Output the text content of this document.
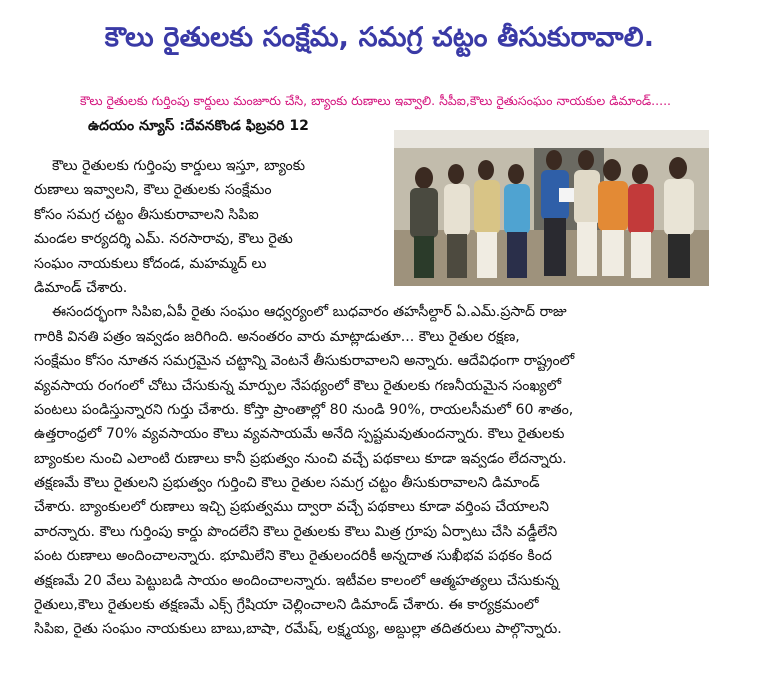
కౌలు రైతులకు సంక్షేమ, సమగ్ర చట్టం తీసుకురావాలి.
కౌలు రైతులకు గుర్తింపు కార్డులు మంజూరు చేసి, బ్యాంకు రుణాలు ఇవ్వాలి. సీపీఐ,కౌలు రైతుసంఘం నాయకుల డిమాండ్.....
ఉదయం న్యూస్ :దేవనకొండ ఫిబ్రవరి 12
కౌలు రైతులకు గుర్తింపు కార్డులు ఇస్తూ, బ్యాంకు
రుణాలు ఇవ్వాలని, కౌలు రైతులకు సంక్షేమం
కోసం సమగ్ర చట్టం తీసుకురావాలని సిపిఐ
మండల కార్యదర్శి ఎమ్. నరసారావు, కౌలు రైతు
సంఘం నాయకులు కోదండ, మహమ్మద్ లు
డిమాండ్ చేశారు.
ఈసందర్భంగా సిపిఐ,ఏపీ రైతు సంఘం ఆధ్వర్యంలో బుధవారం తహసీల్దార్ ఏ.ఎమ్.ప్రసాద్ రాజు
గారికి వినతి పత్రం ఇవ్వడం జరిగింది. అనంతరం వారు మాట్లాడుతూ... కౌలు రైతుల రక్షణ,
సంక్షేమం కోసం నూతన సమగ్రమైన చట్టాన్ని వెంటనే తీసుకురావాలని అన్నారు. ఆదేవిధంగా రాష్ట్రంలో
వ్యవసాయ రంగంలో చోటు చేసుకున్న మార్పుల నేపథ్యంలో కౌలు రైతులకు గణనీయమైన సంఖ్యలో
పంటలు పండిస్తున్నారని గుర్తు చేశారు. కోస్తా ప్రాంతాల్లో 80 నుండి 90%, రాయలసీమలో 60 శాతం,
ఉత్తరాంధ్రలో 70% వ్యవసాయం కౌలు వ్యవసాయమే అనేది స్పష్టమవుతుందన్నారు. కౌలు రైతులకు
బ్యాంకుల నుంచి ఎలాంటి రుణాలు కానీ ప్రభుత్వం నుంచి వచ్చే పథకాలు కూడా ఇవ్వడం లేదన్నారు.
తక్షణమే కౌలు రైతులని ప్రభుత్వం గుర్తించి కౌలు రైతుల సమగ్ర చట్టం తీసుకురావాలని డిమాండ్
చేశారు. బ్యాంకులలో రుణాలు ఇచ్చి ప్రభుత్వము ద్వారా వచ్చే పథకాలు కూడా వర్తింప చేయాలని
వారన్నారు. కౌలు గుర్తింపు కార్డు పొందలేని కౌలు రైతులకు కౌలు మిత్ర గ్రూపు ఏర్పాటు చేసి వడ్డీలేని
పంట రుణాలు అందించాలన్నారు. భూమిలేని కౌలు రైతులందరికీ అన్నదాత సుఖీభవ పథకం కింద
తక్షణమే 20 వేలు పెట్టుబడి సాయం అందించాలన్నారు. ఇటీవల కాలంలో ఆత్మహత్యలు చేసుకున్న
రైతులు,కౌలు రైతులకు తక్షణమే ఎక్స్ గ్రేషియా చెల్లించాలని డిమాండ్ చేశారు. ఈ కార్యక్రమంలో
సిపిఐ, రైతు సంఘం నాయకులు బాబు,బాషా, రమేష్, లక్ష్మయ్య, అబ్దుల్లా తదితరులు పాల్గొన్నారు.
